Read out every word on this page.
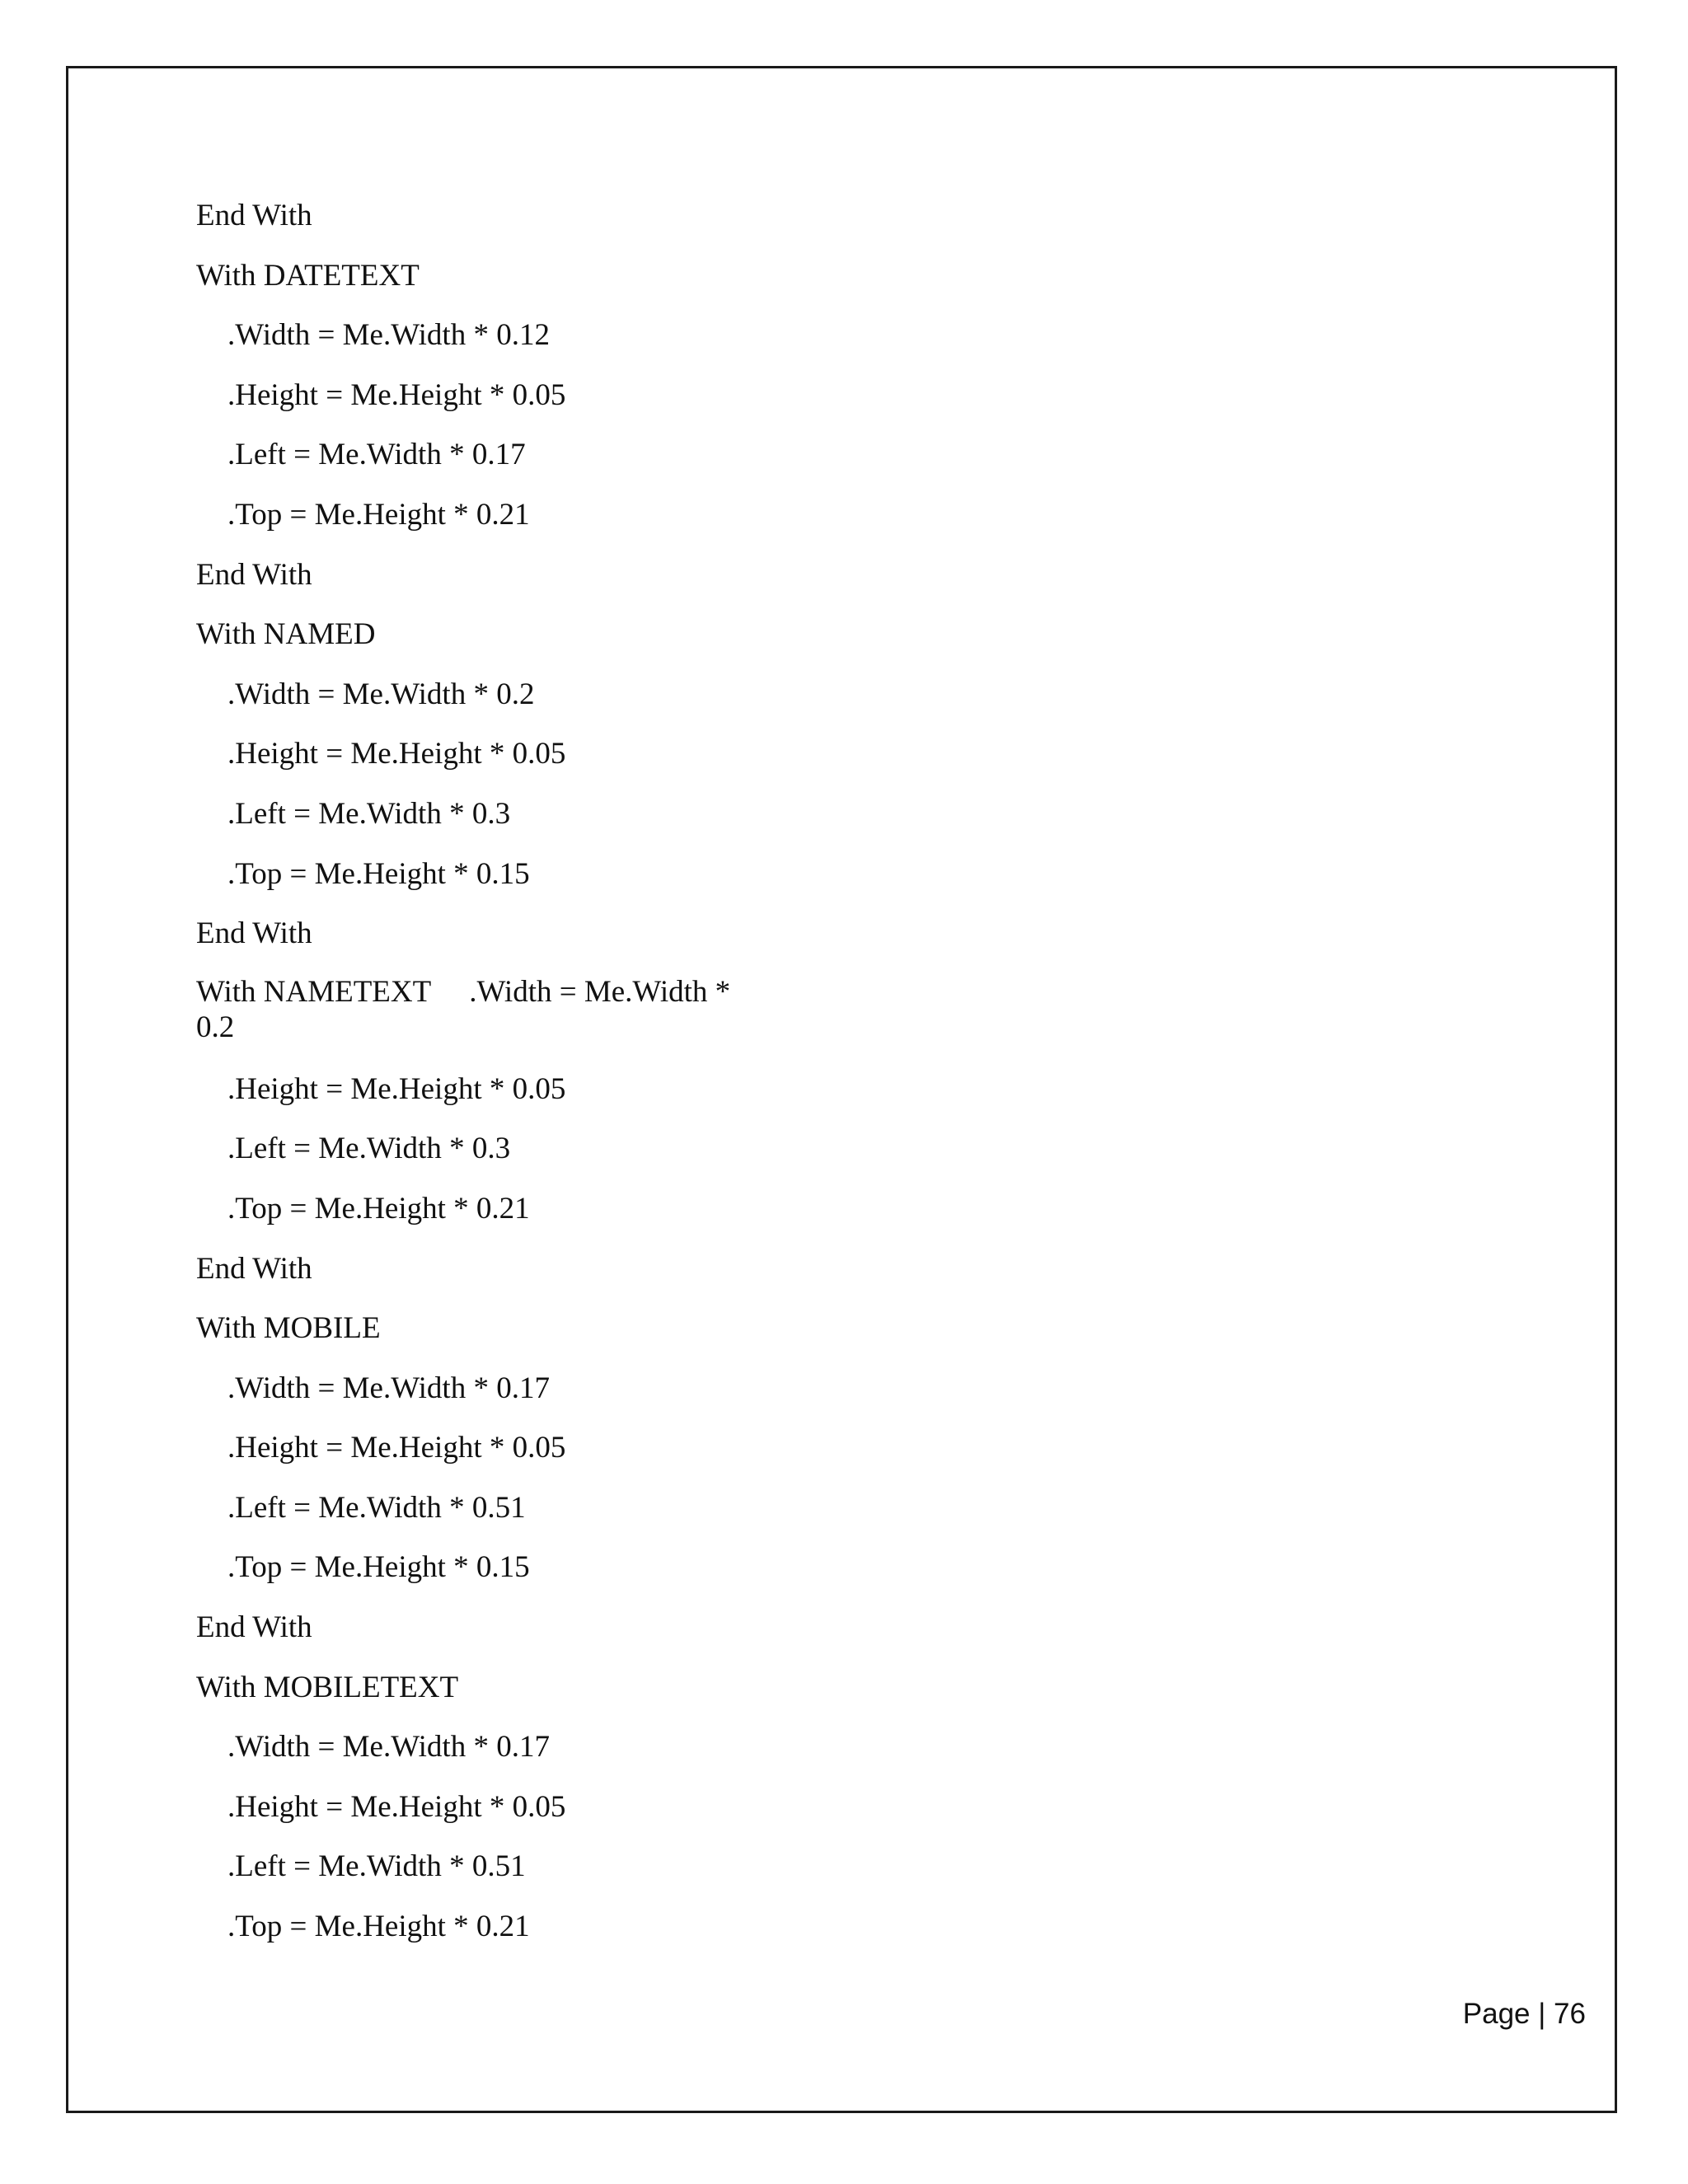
End With
With DATETEXT
.Width = Me.Width * 0.12
.Height = Me.Height * 0.05
.Left = Me.Width * 0.17
.Top = Me.Height * 0.21
End With
With NAMED
.Width = Me.Width * 0.2
.Height = Me.Height * 0.05
.Left = Me.Width * 0.3
.Top = Me.Height * 0.15
End With
With NAMETEXT .Width = Me.Width *
0.2
.Height = Me.Height * 0.05
.Left = Me.Width * 0.3
.Top = Me.Height * 0.21
End With
With MOBILE
.Width = Me.Width * 0.17
.Height = Me.Height * 0.05
.Left = Me.Width * 0.51
.Top = Me.Height * 0.15
End With
With MOBILETEXT
.Width = Me.Width * 0.17
.Height = Me.Height * 0.05
.Left = Me.Width * 0.51
.Top = Me.Height * 0.21
Page | 76
